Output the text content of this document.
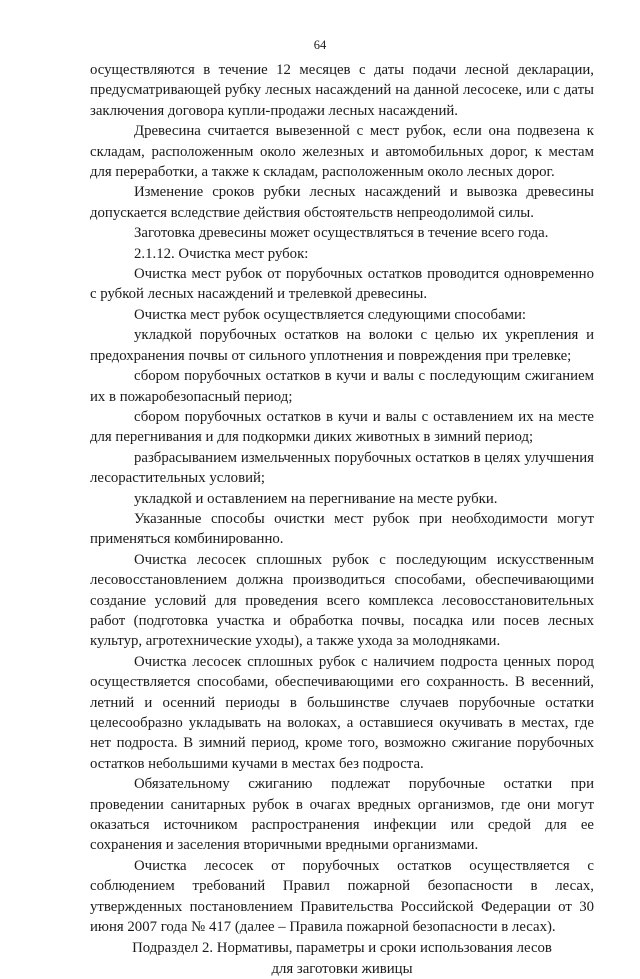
64

осуществляются в течение 12 месяцев с даты подачи лесной декларации, предусматривающей рубку лесных насаждений на данной лесосеке, или с даты заключения договора купли-продажи лесных насаждений.

Древесина считается вывезенной с мест рубок, если она подвезена к складам, расположенным около железных и автомобильных дорог, к местам для переработки, а также к складам, расположенным около лесных дорог.

Изменение сроков рубки лесных насаждений и вывозка древесины допускается вследствие действия обстоятельств непреодолимой силы.

Заготовка древесины может осуществляться в течение всего года.

2.1.12. Очистка мест рубок:

Очистка мест рубок от порубочных остатков проводится одновременно с рубкой лесных насаждений и трелевкой древесины.

Очистка мест рубок осуществляется следующими способами:

укладкой порубочных остатков на волоки с целью их укрепления и предохранения почвы от сильного уплотнения и повреждения при трелевке;

сбором порубочных остатков в кучи и валы с последующим сжиганием их в пожаробезопасный период;

сбором порубочных остатков в кучи и валы с оставлением их на месте для перегнивания и для подкормки диких животных в зимний период;

разбрасыванием измельченных порубочных остатков в целях улучшения лесорастительных условий;

укладкой и оставлением на перегнивание на месте рубки.

Указанные способы очистки мест рубок при необходимости могут применяться комбинированно.

Очистка лесосек сплошных рубок с последующим искусственным лесовосстановлением должна производиться способами, обеспечивающими создание условий для проведения всего комплекса лесовосстановительных работ (подготовка участка и обработка почвы, посадка или посев лесных культур, агротехнические уходы), а также ухода за молодняками.

Очистка лесосек сплошных рубок с наличием подроста ценных пород осуществляется способами, обеспечивающими его сохранность. В весенний, летний и осенний периоды в большинстве случаев порубочные остатки целесообразно укладывать на волоках, а оставшиеся окучивать в местах, где нет подроста. В зимний период, кроме того, возможно сжигание порубочных остатков небольшими кучами в местах без подроста.

Обязательному сжиганию подлежат порубочные остатки при проведении санитарных рубок в очагах вредных организмов, где они могут оказаться источником распространения инфекции или средой для ее сохранения и заселения вторичными вредными организмами.

Очистка лесосек от порубочных остатков осуществляется с соблюдением требований Правил пожарной безопасности в лесах, утвержденных постановлением Правительства Российской Федерации от 30 июня 2007 года № 417 (далее – Правила пожарной безопасности в лесах).

Подраздел 2. Нормативы, параметры и сроки использования лесов для заготовки живицы
